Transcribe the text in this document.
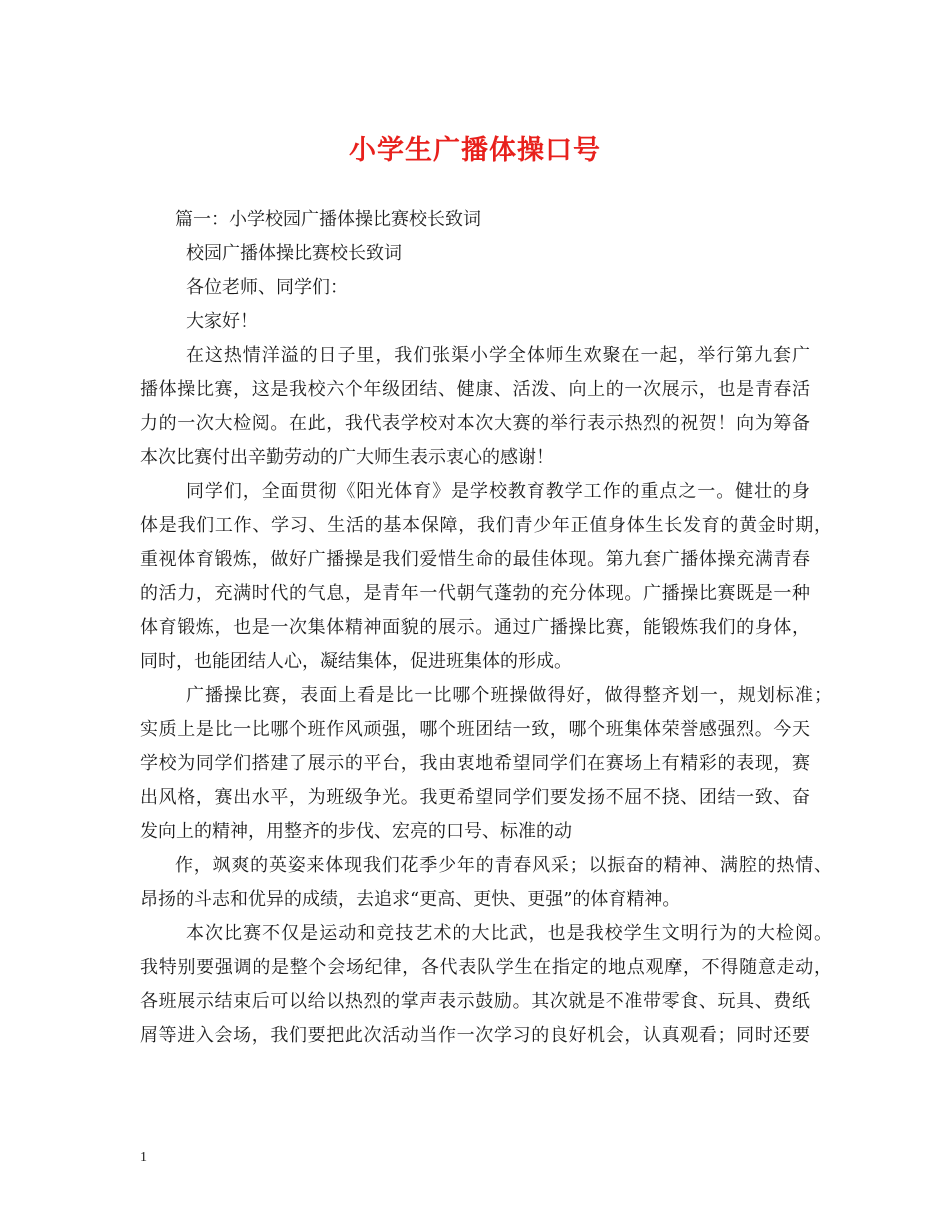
小学生广播体操口号
篇一：小学校园广播体操比赛校长致词
校园广播体操比赛校长致词
各位老师、同学们：
大家好！
在这热情洋溢的日子里，我们张渠小学全体师生欢聚在一起，举行第九套广
播体操比赛，这是我校六个年级团结、健康、活泼、向上的一次展示，也是青春活
力的一次大检阅。在此，我代表学校对本次大赛的举行表示热烈的祝贺！向为筹备
本次比赛付出辛勤劳动的广大师生表示衷心的感谢！
同学们，全面贯彻《阳光体育》是学校教育教学工作的重点之一。健壮的身
体是我们工作、学习、生活的基本保障，我们青少年正值身体生长发育的黄金时期，
重视体育锻炼，做好广播操是我们爱惜生命的最佳体现。第九套广播体操充满青春
的活力，充满时代的气息，是青年一代朝气蓬勃的充分体现。广播操比赛既是一种
体育锻炼，也是一次集体精神面貌的展示。通过广播操比赛，能锻炼我们的身体，
同时，也能团结人心，凝结集体，促进班集体的形成。
广播操比赛，表面上看是比一比哪个班操做得好，做得整齐划一，规划标准；
实质上是比一比哪个班作风顽强，哪个班团结一致，哪个班集体荣誉感强烈。今天
学校为同学们搭建了展示的平台，我由衷地希望同学们在赛场上有精彩的表现，赛
出风格，赛出水平，为班级争光。我更希望同学们要发扬不屈不挠、团结一致、奋
发向上的精神，用整齐的步伐、宏亮的口号、标准的动
作，飒爽的英姿来体现我们花季少年的青春风采；以振奋的精神、满腔的热情、
昂扬的斗志和优异的成绩，去追求“更高、更快、更强”的体育精神。
本次比赛不仅是运动和竞技艺术的大比武，也是我校学生文明行为的大检阅。
我特别要强调的是整个会场纪律，各代表队学生在指定的地点观摩，不得随意走动，
各班展示结束后可以给以热烈的掌声表示鼓励。其次就是不准带零食、玩具、费纸
屑等进入会场，我们要把此次活动当作一次学习的良好机会，认真观看；同时还要
1
